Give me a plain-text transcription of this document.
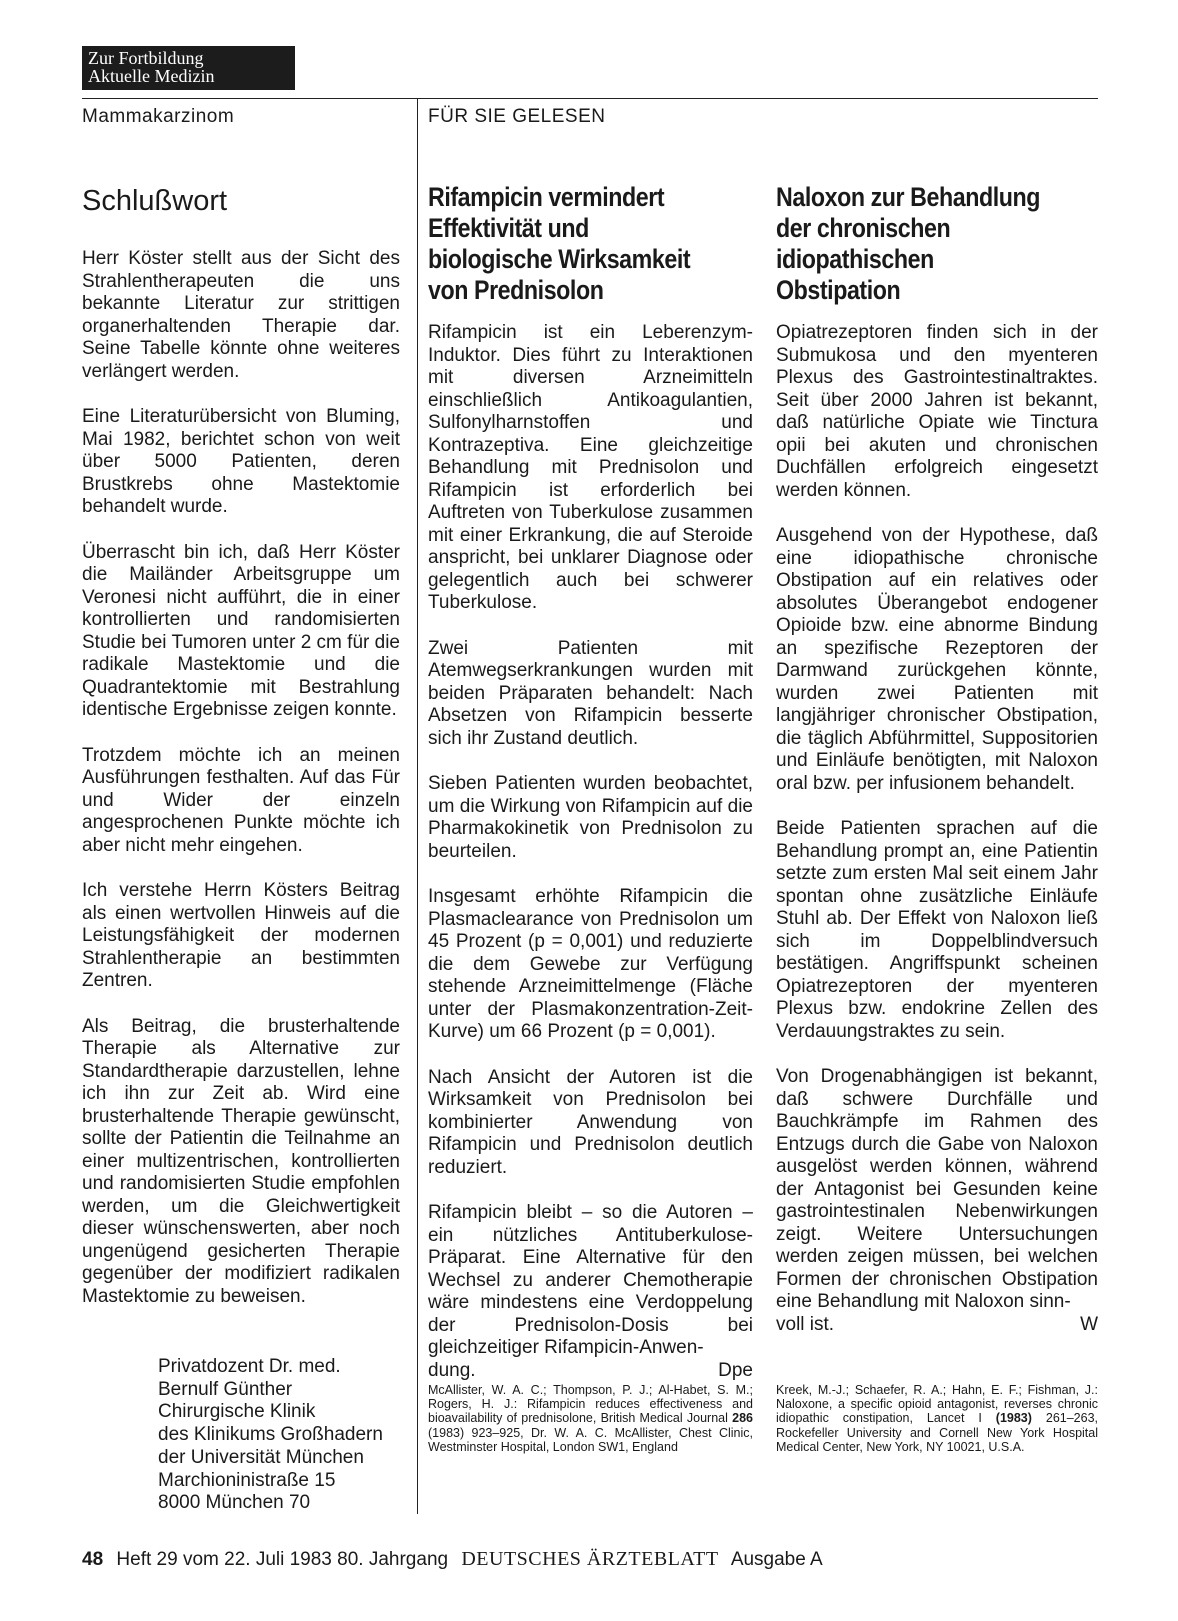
Zur Fortbildung
Aktuelle Medizin
Mammakarzinom	FÜR SIE GELESEN
Schlußwort

Herr Köster stellt aus der Sicht des Strahlentherapeuten die uns bekannte Literatur zur strittigen organerhaltenden Therapie dar. Seine Tabelle könnte ohne weiteres verlängert werden.

Eine Literaturübersicht von Bluming, Mai 1982, berichtet schon von weit über 5000 Patienten, deren Brustkrebs ohne Mastektomie behandelt wurde.

Überrascht bin ich, daß Herr Köster die Mailänder Arbeitsgruppe um Veronesi nicht aufführt, die in einer kontrollierten und randomisierten Studie bei Tumoren unter 2 cm für die radikale Mastektomie und die Quadrantektomie mit Bestrahlung identische Ergebnisse zeigen konnte.

Trotzdem möchte ich an meinen Ausführungen festhalten. Auf das Für und Wider der einzeln angesprochenen Punkte möchte ich aber nicht mehr eingehen.

Ich verstehe Herrn Kösters Beitrag als einen wertvollen Hinweis auf die Leistungsfähigkeit der modernen Strahlentherapie an bestimmten Zentren.

Als Beitrag, die brusterhaltende Therapie als Alternative zur Standardtherapie darzustellen, lehne ich ihn zur Zeit ab. Wird eine brusterhaltende Therapie gewünscht, sollte der Patientin die Teilnahme an einer multizentrischen, kontrollierten und randomisierten Studie empfohlen werden, um die Gleichwertigkeit dieser wünschenswerten, aber noch ungenügend gesicherten Therapie gegenüber der modifiziert radikalen Mastektomie zu beweisen.

Privatdozent Dr. med.
Bernulf Günther
Chirurgische Klinik
des Klinikums Großhadern
der Universität München
Marchioninistraße 15
8000 München 70
Rifampicin vermindert
Effektivität und
biologische Wirksamkeit
von Prednisolon

Rifampicin ist ein Leberenzym-Induktor. Dies führt zu Interaktionen mit diversen Arzneimitteln einschließlich Antikoagulantien, Sulfonylharnstoffen und Kontrazeptiva. Eine gleichzeitige Behandlung mit Prednisolon und Rifampicin ist erforderlich bei Auftreten von Tuberkulose zusammen mit einer Erkrankung, die auf Steroide anspricht, bei unklarer Diagnose oder gelegentlich auch bei schwerer Tuberkulose.

Zwei Patienten mit Atemwegserkrankungen wurden mit beiden Präparaten behandelt: Nach Absetzen von Rifampicin besserte sich ihr Zustand deutlich.

Sieben Patienten wurden beobachtet, um die Wirkung von Rifampicin auf die Pharmakokinetik von Prednisolon zu beurteilen.

Insgesamt erhöhte Rifampicin die Plasmaclearance von Prednisolon um 45 Prozent (p = 0,001) und reduzierte die dem Gewebe zur Verfügung stehende Arzneimittelmenge (Fläche unter der Plasmakonzentration-Zeit-Kurve) um 66 Prozent (p = 0,001).

Nach Ansicht der Autoren ist die Wirksamkeit von Prednisolon bei kombinierter Anwendung von Rifampicin und Prednisolon deutlich reduziert.

Rifampicin bleibt – so die Autoren – ein nützliches Antituberkulose-Präparat. Eine Alternative für den Wechsel zu anderer Chemotherapie wäre mindestens eine Verdoppelung der Prednisolon-Dosis bei gleichzeitiger Rifampicin-Anwen-

dung.	Dpe
McAllister, W. A. C.; Thompson, P. J.; Al-Habet, S. M.; Rogers, H. J.: Rifampicin reduces effectiveness and bioavailability of prednisolone, British Medical Journal 286 (1983) 923–925, Dr. W. A. C. McAllister, Chest Clinic, Westminster Hospital, London SW1, England
Naloxon zur Behandlung
der chronischen
idiopathischen
Obstipation

Opiatrezeptoren finden sich in der Submukosa und den myenteren Plexus des Gastrointestinaltraktes. Seit über 2000 Jahren ist bekannt, daß natürliche Opiate wie Tinctura opii bei akuten und chronischen Duchfällen erfolgreich eingesetzt werden können.

Ausgehend von der Hypothese, daß eine idiopathische chronische Obstipation auf ein relatives oder absolutes Überangebot endogener Opioide bzw. eine abnorme Bindung an spezifische Rezeptoren der Darmwand zurückgehen könnte, wurden zwei Patienten mit langjähriger chronischer Obstipation, die täglich Abführmittel, Suppositorien und Einläufe benötigten, mit Naloxon oral bzw. per infusionem behandelt.

Beide Patienten sprachen auf die Behandlung prompt an, eine Patientin setzte zum ersten Mal seit einem Jahr spontan ohne zusätzliche Einläufe Stuhl ab. Der Effekt von Naloxon ließ sich im Doppelblindversuch bestätigen. Angriffspunkt scheinen Opiatrezeptoren der myenteren Plexus bzw. endokrine Zellen des Verdauungstraktes zu sein.

Von Drogenabhängigen ist bekannt, daß schwere Durchfälle und Bauchkrämpfe im Rahmen des Entzugs durch die Gabe von Naloxon ausgelöst werden können, während der Antagonist bei Gesunden keine gastrointestinalen Nebenwirkungen zeigt. Weitere Untersuchungen werden zeigen müssen, bei welchen Formen der chronischen Obstipation eine Behandlung mit Naloxon sinn-

voll ist.	W
Kreek, M.-J.; Schaefer, R. A.; Hahn, E. F.; Fishman, J.: Naloxone, a specific opioid antagonist, reverses chronic idiopathic constipation, Lancet I (1983) 261–263, Rockefeller University and Cornell New York Hospital Medical Center, New York, NY 10021, U.S.A.
48 Heft 29 vom 22. Juli 1983 80. Jahrgang DEUTSCHES ÄRZTEBLATT Ausgabe A
